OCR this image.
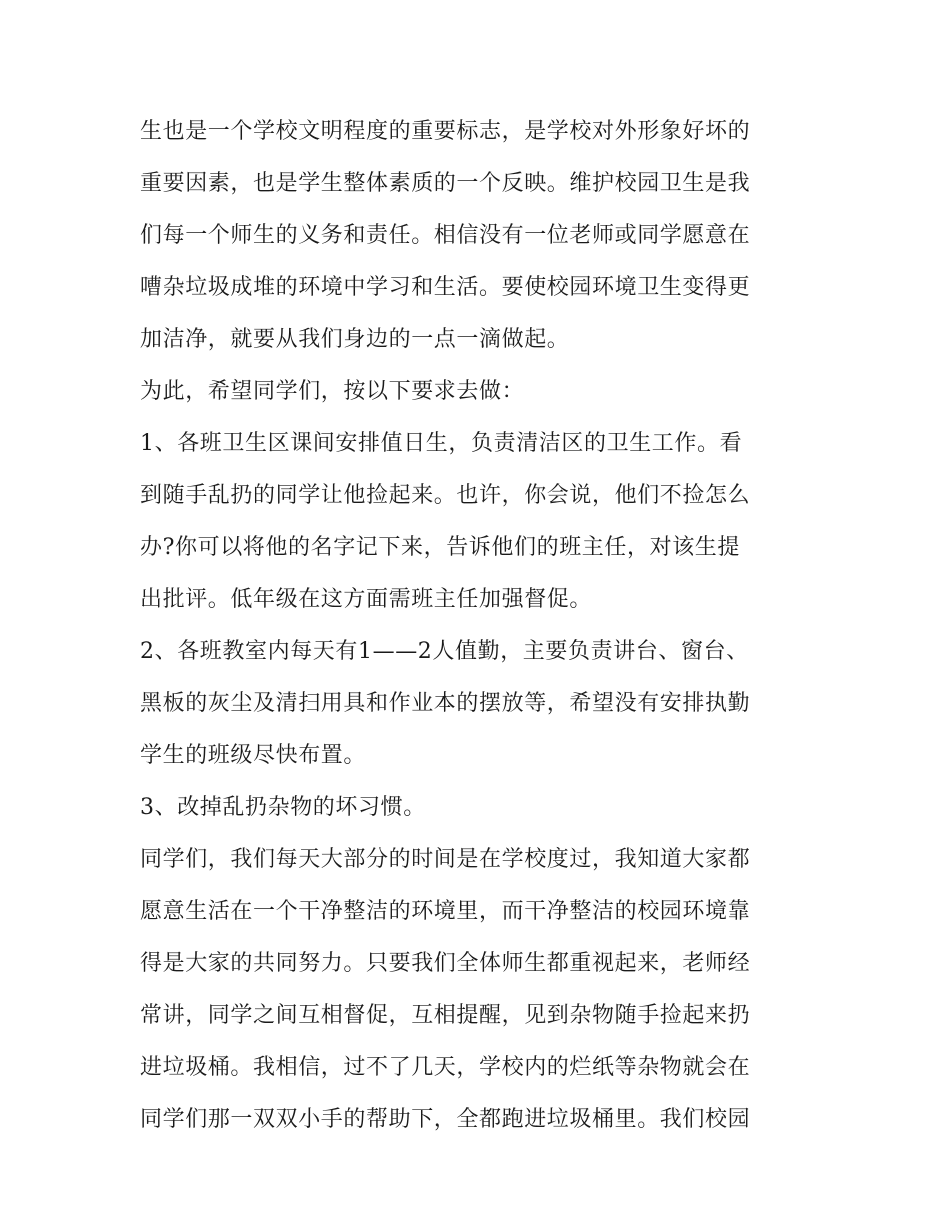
生也是一个学校文明程度的重要标志，是学校对外形象好坏的
重要因素，也是学生整体素质的一个反映。维护校园卫生是我
们每一个师生的义务和责任。相信没有一位老师或同学愿意在
嘈杂垃圾成堆的环境中学习和生活。要使校园环境卫生变得更
加洁净，就要从我们身边的一点一滴做起。
为此，希望同学们，按以下要求去做：
1、各班卫生区课间安排值日生，负责清洁区的卫生工作。看
到随手乱扔的同学让他捡起来。也许，你会说，他们不捡怎么
办?你可以将他的名字记下来，告诉他们的班主任，对该生提
出批评。低年级在这方面需班主任加强督促。
2、各班教室内每天有1——2人值勤，主要负责讲台、窗台、
黑板的灰尘及清扫用具和作业本的摆放等，希望没有安排执勤
学生的班级尽快布置。
3、改掉乱扔杂物的坏习惯。
同学们，我们每天大部分的时间是在学校度过，我知道大家都
愿意生活在一个干净整洁的环境里，而干净整洁的校园环境靠
得是大家的共同努力。只要我们全体师生都重视起来，老师经
常讲，同学之间互相督促，互相提醒，见到杂物随手捡起来扔
进垃圾桶。我相信，过不了几天，学校内的烂纸等杂物就会在
同学们那一双双小手的帮助下，全都跑进垃圾桶里。我们校园
